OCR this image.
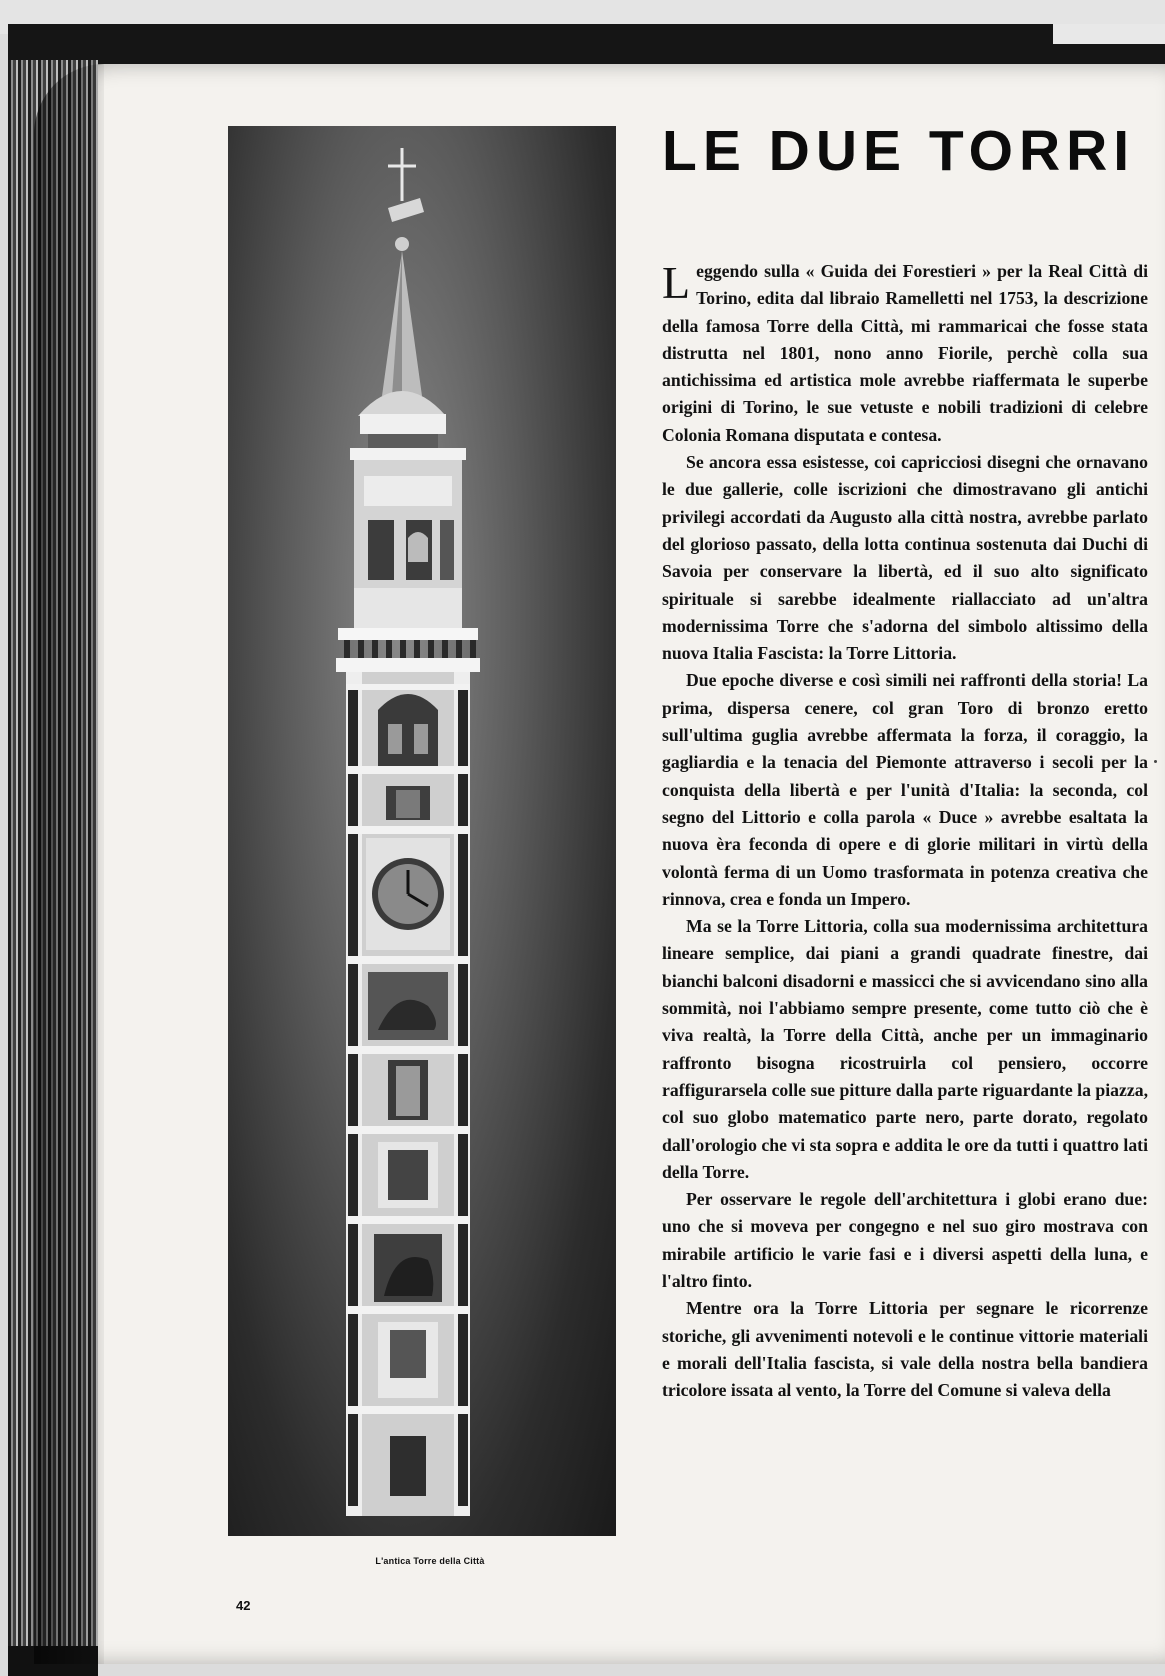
L'antica Torre della Città
42
LE DUE TORRI

Leggendo sulla « Guida dei Forestieri » per la Real Città di Torino, edita dal libraio Ramelletti nel 1753, la descrizione della famosa Torre della Città, mi rammaricai che fosse stata distrutta nel 1801, nono anno Fiorile, perchè colla sua antichissima ed artistica mole avrebbe riaffermata le superbe origini di Torino, le sue vetuste e nobili tradizioni di celebre Colonia Romana disputata e contesa.

Se ancora essa esistesse, coi capricciosi disegni che ornavano le due gallerie, colle iscrizioni che dimostravano gli antichi privilegi accordati da Augusto alla città nostra, avrebbe parlato del glorioso passato, della lotta continua sostenuta dai Duchi di Savoia per conservare la libertà, ed il suo alto significato spirituale si sarebbe idealmente riallacciato ad un'altra modernissima Torre che s'adorna del simbolo altissimo della nuova Italia Fascista: la Torre Littoria.

Due epoche diverse e così simili nei raffronti della storia! La prima, dispersa cenere, col gran Toro di bronzo eretto sull'ultima guglia avrebbe affermata la forza, il coraggio, la gagliardia e la tenacia del Piemonte attraverso i secoli per la conquista della libertà e per l'unità d'Italia: la seconda, col segno del Littorio e colla parola « Duce » avrebbe esaltata la nuova èra feconda di opere e di glorie militari in virtù della volontà ferma di un Uomo trasformata in potenza creativa che rinnova, crea e fonda un Impero.

Ma se la Torre Littoria, colla sua modernissima architettura lineare semplice, dai piani a grandi quadrate finestre, dai bianchi balconi disadorni e massicci che si avvicendano sino alla sommità, noi l'abbiamo sempre presente, come tutto ciò che è viva realtà, la Torre della Città, anche per un immaginario raffronto bisogna ricostruirla col pensiero, occorre raffigurarsela colle sue pitture dalla parte riguardante la piazza, col suo globo matematico parte nero, parte dorato, regolato dall'orologio che vi sta sopra e addita le ore da tutti i quattro lati della Torre.

Per osservare le regole dell'architettura i globi erano due: uno che si moveva per congegno e nel suo giro mostrava con mirabile artificio le varie fasi e i diversi aspetti della luna, e l'altro finto.

Mentre ora la Torre Littoria per segnare le ricorrenze storiche, gli avvenimenti notevoli e le continue vittorie materiali e morali dell'Italia fascista, si vale della nostra bella bandiera tricolore issata al vento, la Torre del Comune si valeva della
